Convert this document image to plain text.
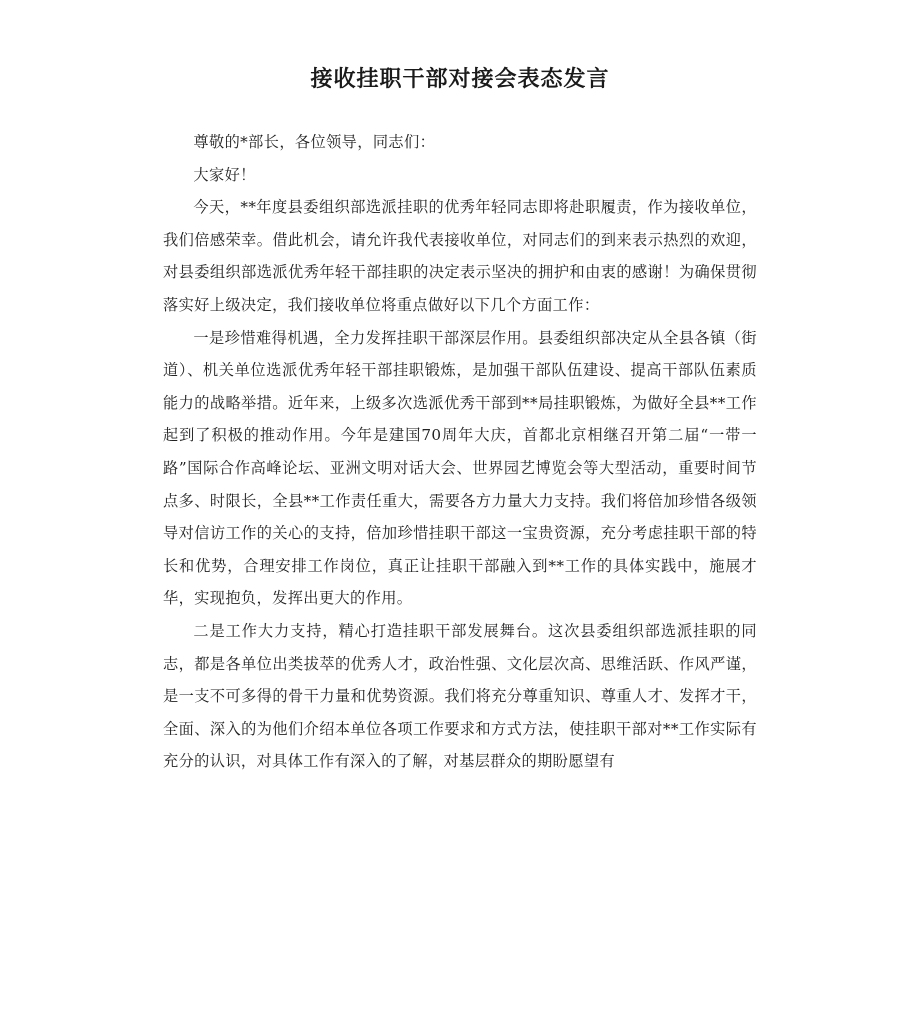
接收挂职干部对接会表态发言

尊敬的*部长，各位领导，同志们：

大家好！

今天，**年度县委组织部选派挂职的优秀年轻同志即将赴职履责，作为接收单位，我们倍感荣幸。借此机会，请允许我代表接收单位，对同志们的到来表示热烈的欢迎，对县委组织部选派优秀年轻干部挂职的决定表示坚决的拥护和由衷的感谢！为确保贯彻落实好上级决定，我们接收单位将重点做好以下几个方面工作：

一是珍惜难得机遇，全力发挥挂职干部深层作用。县委组织部决定从全县各镇（街道）、机关单位选派优秀年轻干部挂职锻炼，是加强干部队伍建设、提高干部队伍素质能力的战略举措。近年来，上级多次选派优秀干部到**局挂职锻炼，为做好全县**工作起到了积极的推动作用。今年是建国70周年大庆，首都北京相继召开第二届“一带一路”国际合作高峰论坛、亚洲文明对话大会、世界园艺博览会等大型活动，重要时间节点多、时限长，全县**工作责任重大，需要各方力量大力支持。我们将倍加珍惜各级领导对信访工作的关心的支持，倍加珍惜挂职干部这一宝贵资源，充分考虑挂职干部的特长和优势，合理安排工作岗位，真正让挂职干部融入到**工作的具体实践中，施展才华，实现抱负，发挥出更大的作用。

二是工作大力支持，精心打造挂职干部发展舞台。这次县委组织部选派挂职的同志，都是各单位出类拔萃的优秀人才，政治性强、文化层次高、思维活跃、作风严谨，是一支不可多得的骨干力量和优势资源。我们将充分尊重知识、尊重人才、发挥才干，全面、深入的为他们介绍本单位各项工作要求和方式方法，使挂职干部对**工作实际有充分的认识，对具体工作有深入的了解，对基层群众的期盼愿望有
